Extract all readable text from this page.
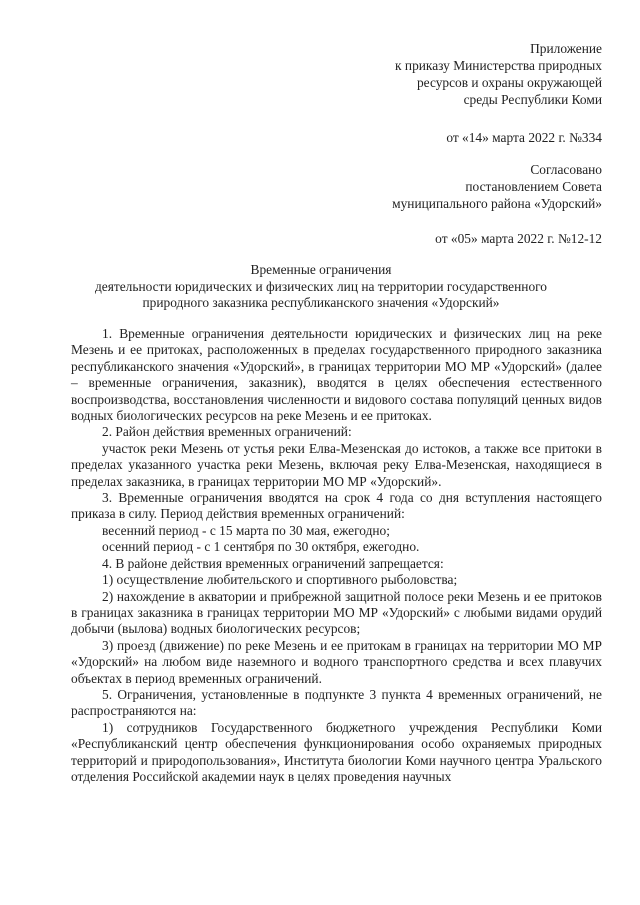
Приложение
к приказу Министерства природных
ресурсов и охраны окружающей
среды Республики Коми
от «14» марта 2022 г. №334
Согласовано
постановлением Совета
муниципального района «Удорский»
от «05» марта 2022 г. №12-12
Временные ограничения
деятельности юридических и физических лиц на территории государственного
природного заказника республиканского значения «Удорский»

1. Временные ограничения деятельности юридических и физических лиц на реке Мезень и ее притоках, расположенных в пределах государственного природного заказника республиканского значения «Удорский», в границах территории МО МР «Удорский» (далее – временные ограничения, заказник), вводятся в целях обеспечения естественного воспроизводства, восстановления численности и видового состава популяций ценных видов водных биологических ресурсов на реке Мезень и ее притоках.

2. Район действия временных ограничений:

участок реки Мезень от устья реки Елва-Мезенская до истоков, а также все притоки в пределах указанного участка реки Мезень, включая реку Елва-Мезенская, находящиеся в пределах заказника, в границах территории МО МР «Удорский».

3. Временные ограничения вводятся на срок 4 года со дня вступления настоящего приказа в силу. Период действия временных ограничений:

весенний период - с 15 марта по 30 мая, ежегодно;

осенний период - с 1 сентября по 30 октября, ежегодно.

4. В районе действия временных ограничений запрещается:

1) осуществление любительского и спортивного рыболовства;

2) нахождение в акватории и прибрежной защитной полосе реки Мезень и ее притоков в границах заказника в границах территории МО МР «Удорский» с любыми видами орудий добычи (вылова) водных биологических ресурсов;

3) проезд (движение) по реке Мезень и ее притокам в границах на территории МО МР «Удорский» на любом виде наземного и водного транспортного средства и всех плавучих объектах в период временных ограничений.

5. Ограничения, установленные в подпункте 3 пункта 4 временных ограничений, не распространяются на:

1) сотрудников Государственного бюджетного учреждения Республики Коми «Республиканский центр обеспечения функционирования особо охраняемых природных территорий и природопользования», Института биологии Коми научного центра Уральского отделения Российской академии наук в целях проведения научных
